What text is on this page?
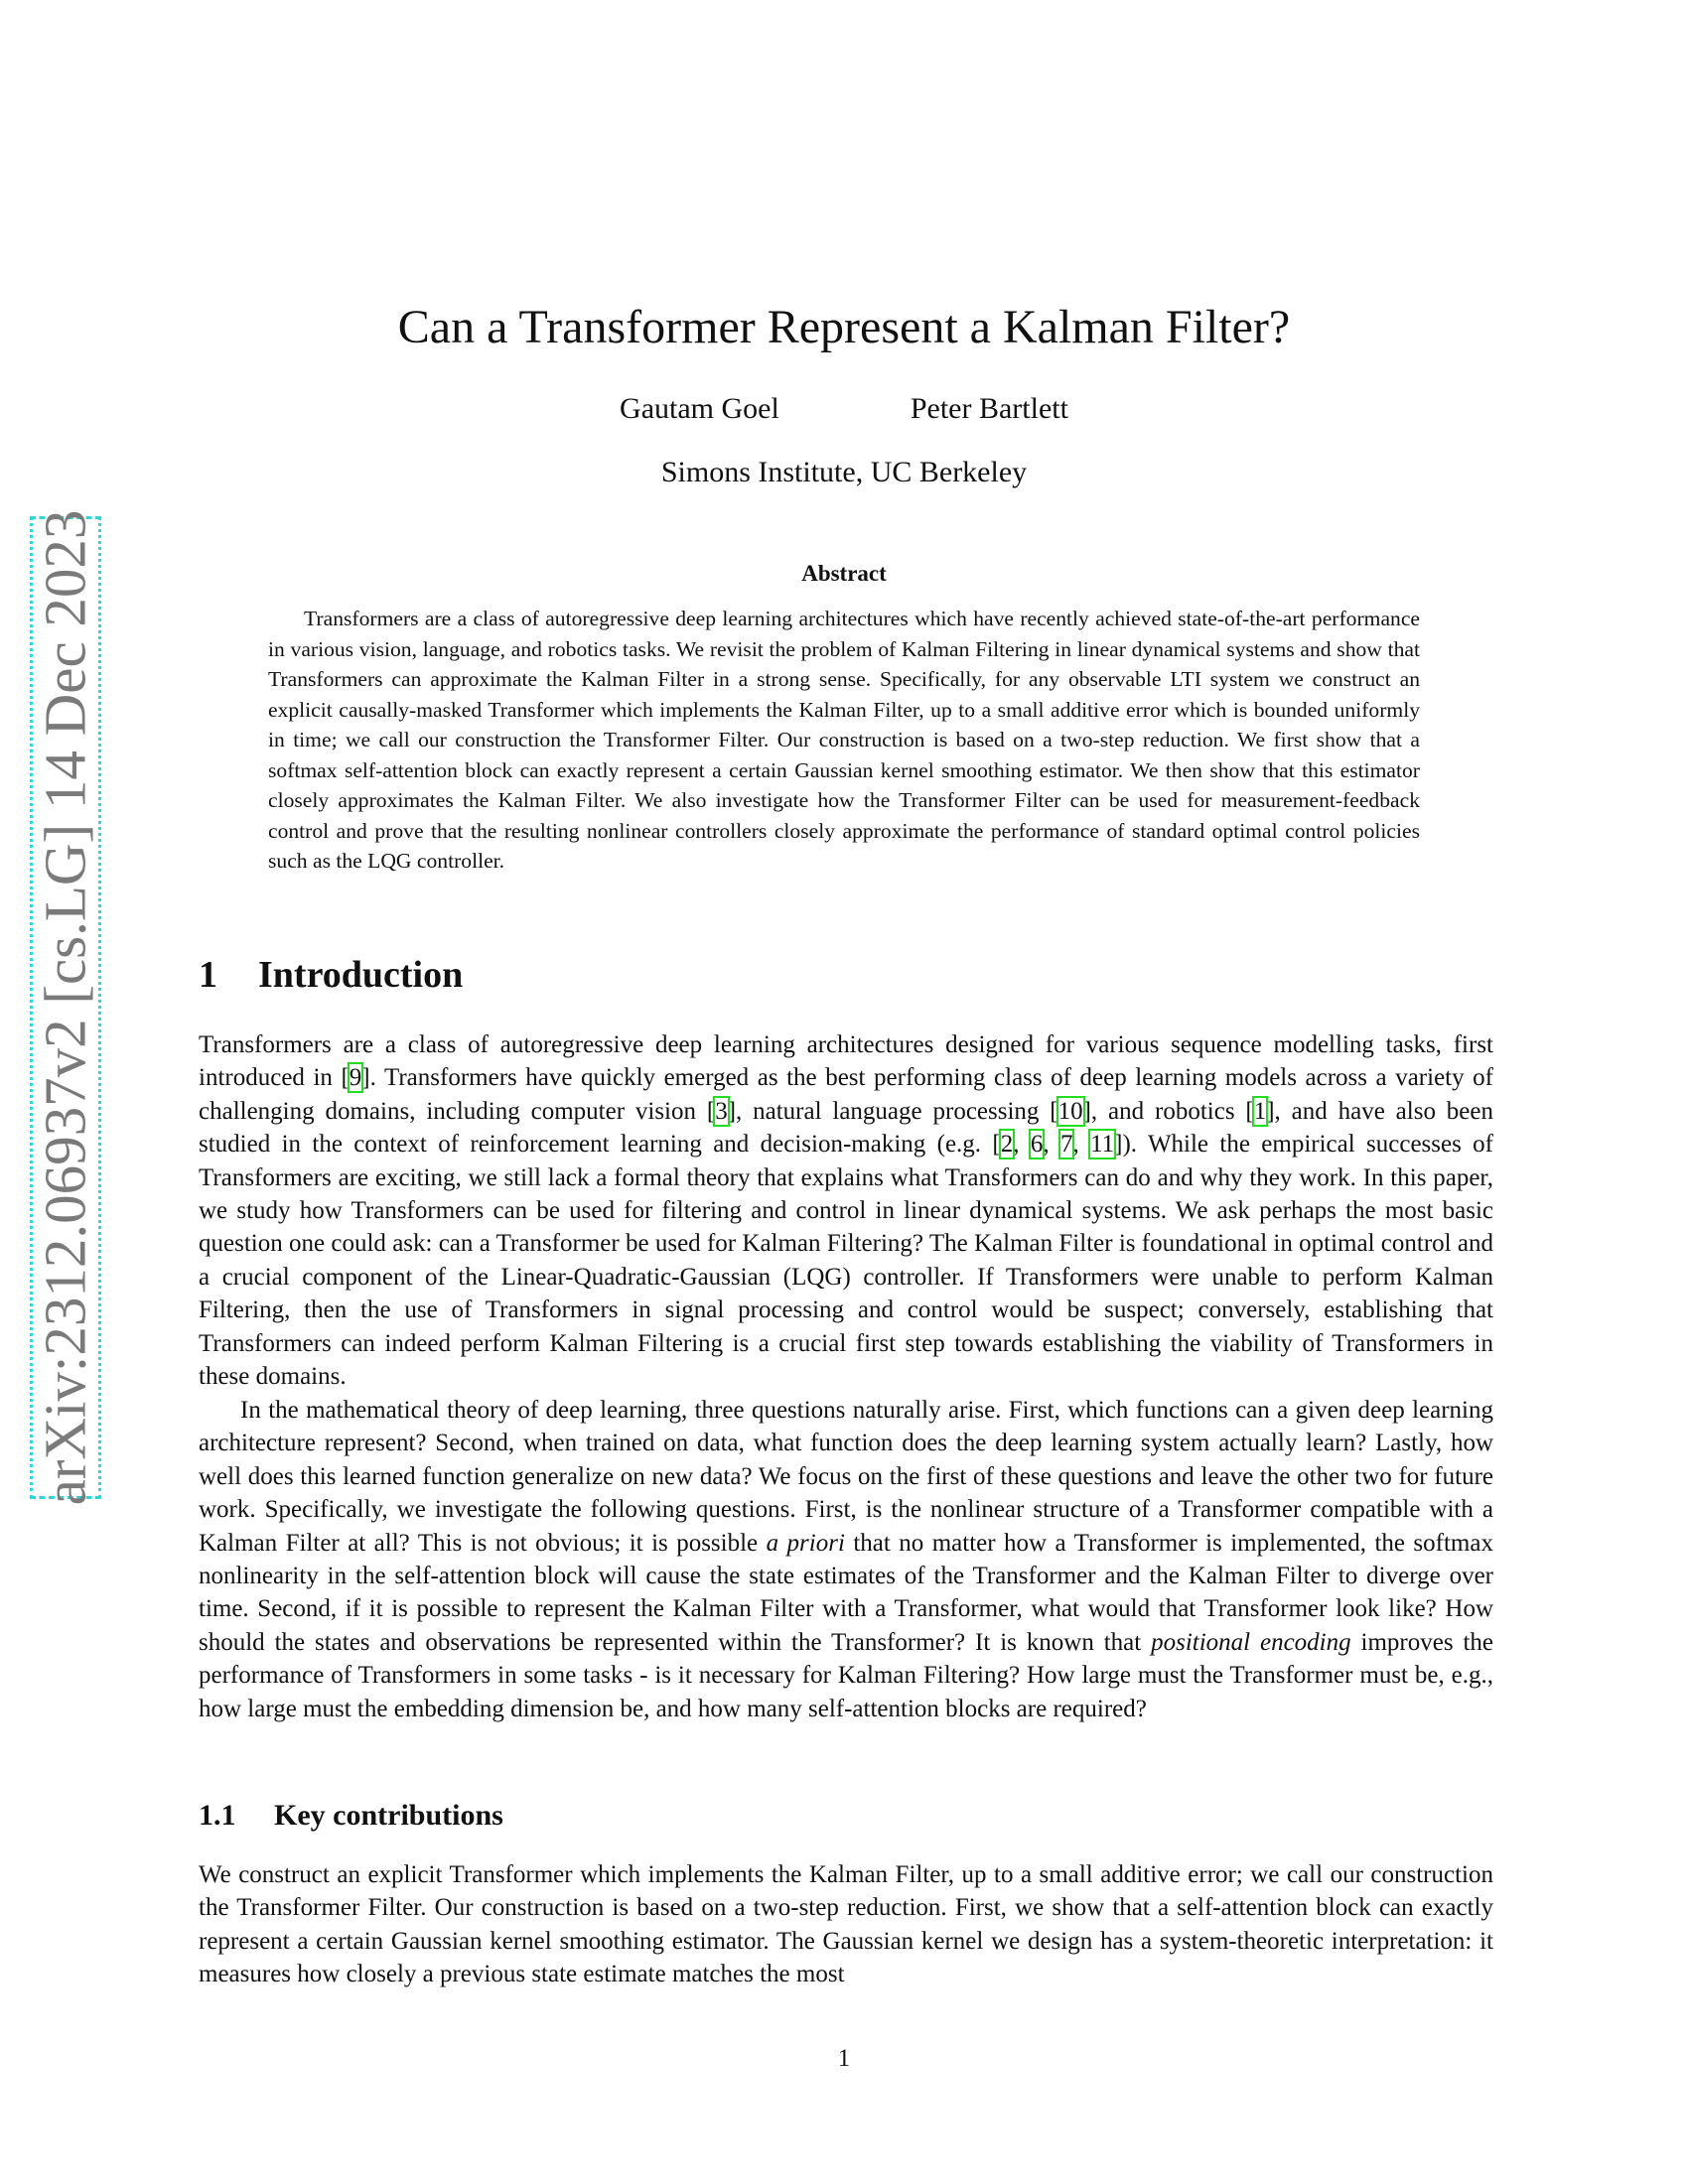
arXiv:2312.06937v2 [cs.LG] 14 Dec 2023
Can a Transformer Represent a Kalman Filter?
Gautam Goel	Peter Bartlett
Simons Institute, UC Berkeley
Abstract

Transformers are a class of autoregressive deep learning architectures which have recently achieved state-of-the-art performance in various vision, language, and robotics tasks. We revisit the problem of Kalman Filtering in linear dynamical systems and show that Transformers can approximate the Kalman Filter in a strong sense. Specifically, for any observable LTI system we construct an explicit causally-masked Transformer which implements the Kalman Filter, up to a small additive error which is bounded uniformly in time; we call our construction the Transformer Filter. Our construction is based on a two-step reduction. We first show that a softmax self-attention block can exactly represent a certain Gaussian kernel smoothing estimator. We then show that this estimator closely approximates the Kalman Filter. We also investigate how the Transformer Filter can be used for measurement-feedback control and prove that the resulting nonlinear controllers closely approximate the performance of standard optimal control policies such as the LQG controller.

1 Introduction

Transformers are a class of autoregressive deep learning architectures designed for various sequence modelling tasks, first introduced in [9]. Transformers have quickly emerged as the best performing class of deep learning models across a variety of challenging domains, including computer vision [3], natural language processing [10], and robotics [1], and have also been studied in the context of reinforcement learning and decision-making (e.g. [2, 6, 7, 11]). While the empirical successes of Transformers are exciting, we still lack a formal theory that explains what Transformers can do and why they work. In this paper, we study how Transformers can be used for filtering and control in linear dynamical systems. We ask perhaps the most basic question one could ask: can a Transformer be used for Kalman Filtering? The Kalman Filter is foundational in optimal control and a crucial component of the Linear-Quadratic-Gaussian (LQG) controller. If Transformers were unable to perform Kalman Filtering, then the use of Transformers in signal processing and control would be suspect; conversely, establishing that Transformers can indeed perform Kalman Filtering is a crucial first step towards establishing the viability of Transformers in these domains.

In the mathematical theory of deep learning, three questions naturally arise. First, which functions can a given deep learning architecture represent? Second, when trained on data, what function does the deep learning system actually learn? Lastly, how well does this learned function generalize on new data? We focus on the first of these questions and leave the other two for future work. Specifically, we investigate the following questions. First, is the nonlinear structure of a Transformer compatible with a Kalman Filter at all? This is not obvious; it is possible a priori that no matter how a Transformer is implemented, the softmax nonlinearity in the self-attention block will cause the state estimates of the Transformer and the Kalman Filter to diverge over time. Second, if it is possible to represent the Kalman Filter with a Transformer, what would that Transformer look like? How should the states and observations be represented within the Transformer? It is known that positional encoding improves the performance of Transformers in some tasks - is it necessary for Kalman Filtering? How large must the Transformer must be, e.g., how large must the embedding dimension be, and how many self-attention blocks are required?

1.1 Key contributions

We construct an explicit Transformer which implements the Kalman Filter, up to a small additive error; we call our construction the Transformer Filter. Our construction is based on a two-step reduction. First, we show that a self-attention block can exactly represent a certain Gaussian kernel smoothing estimator. The Gaussian kernel we design has a system-theoretic interpretation: it measures how closely a previous state estimate matches the most

1
